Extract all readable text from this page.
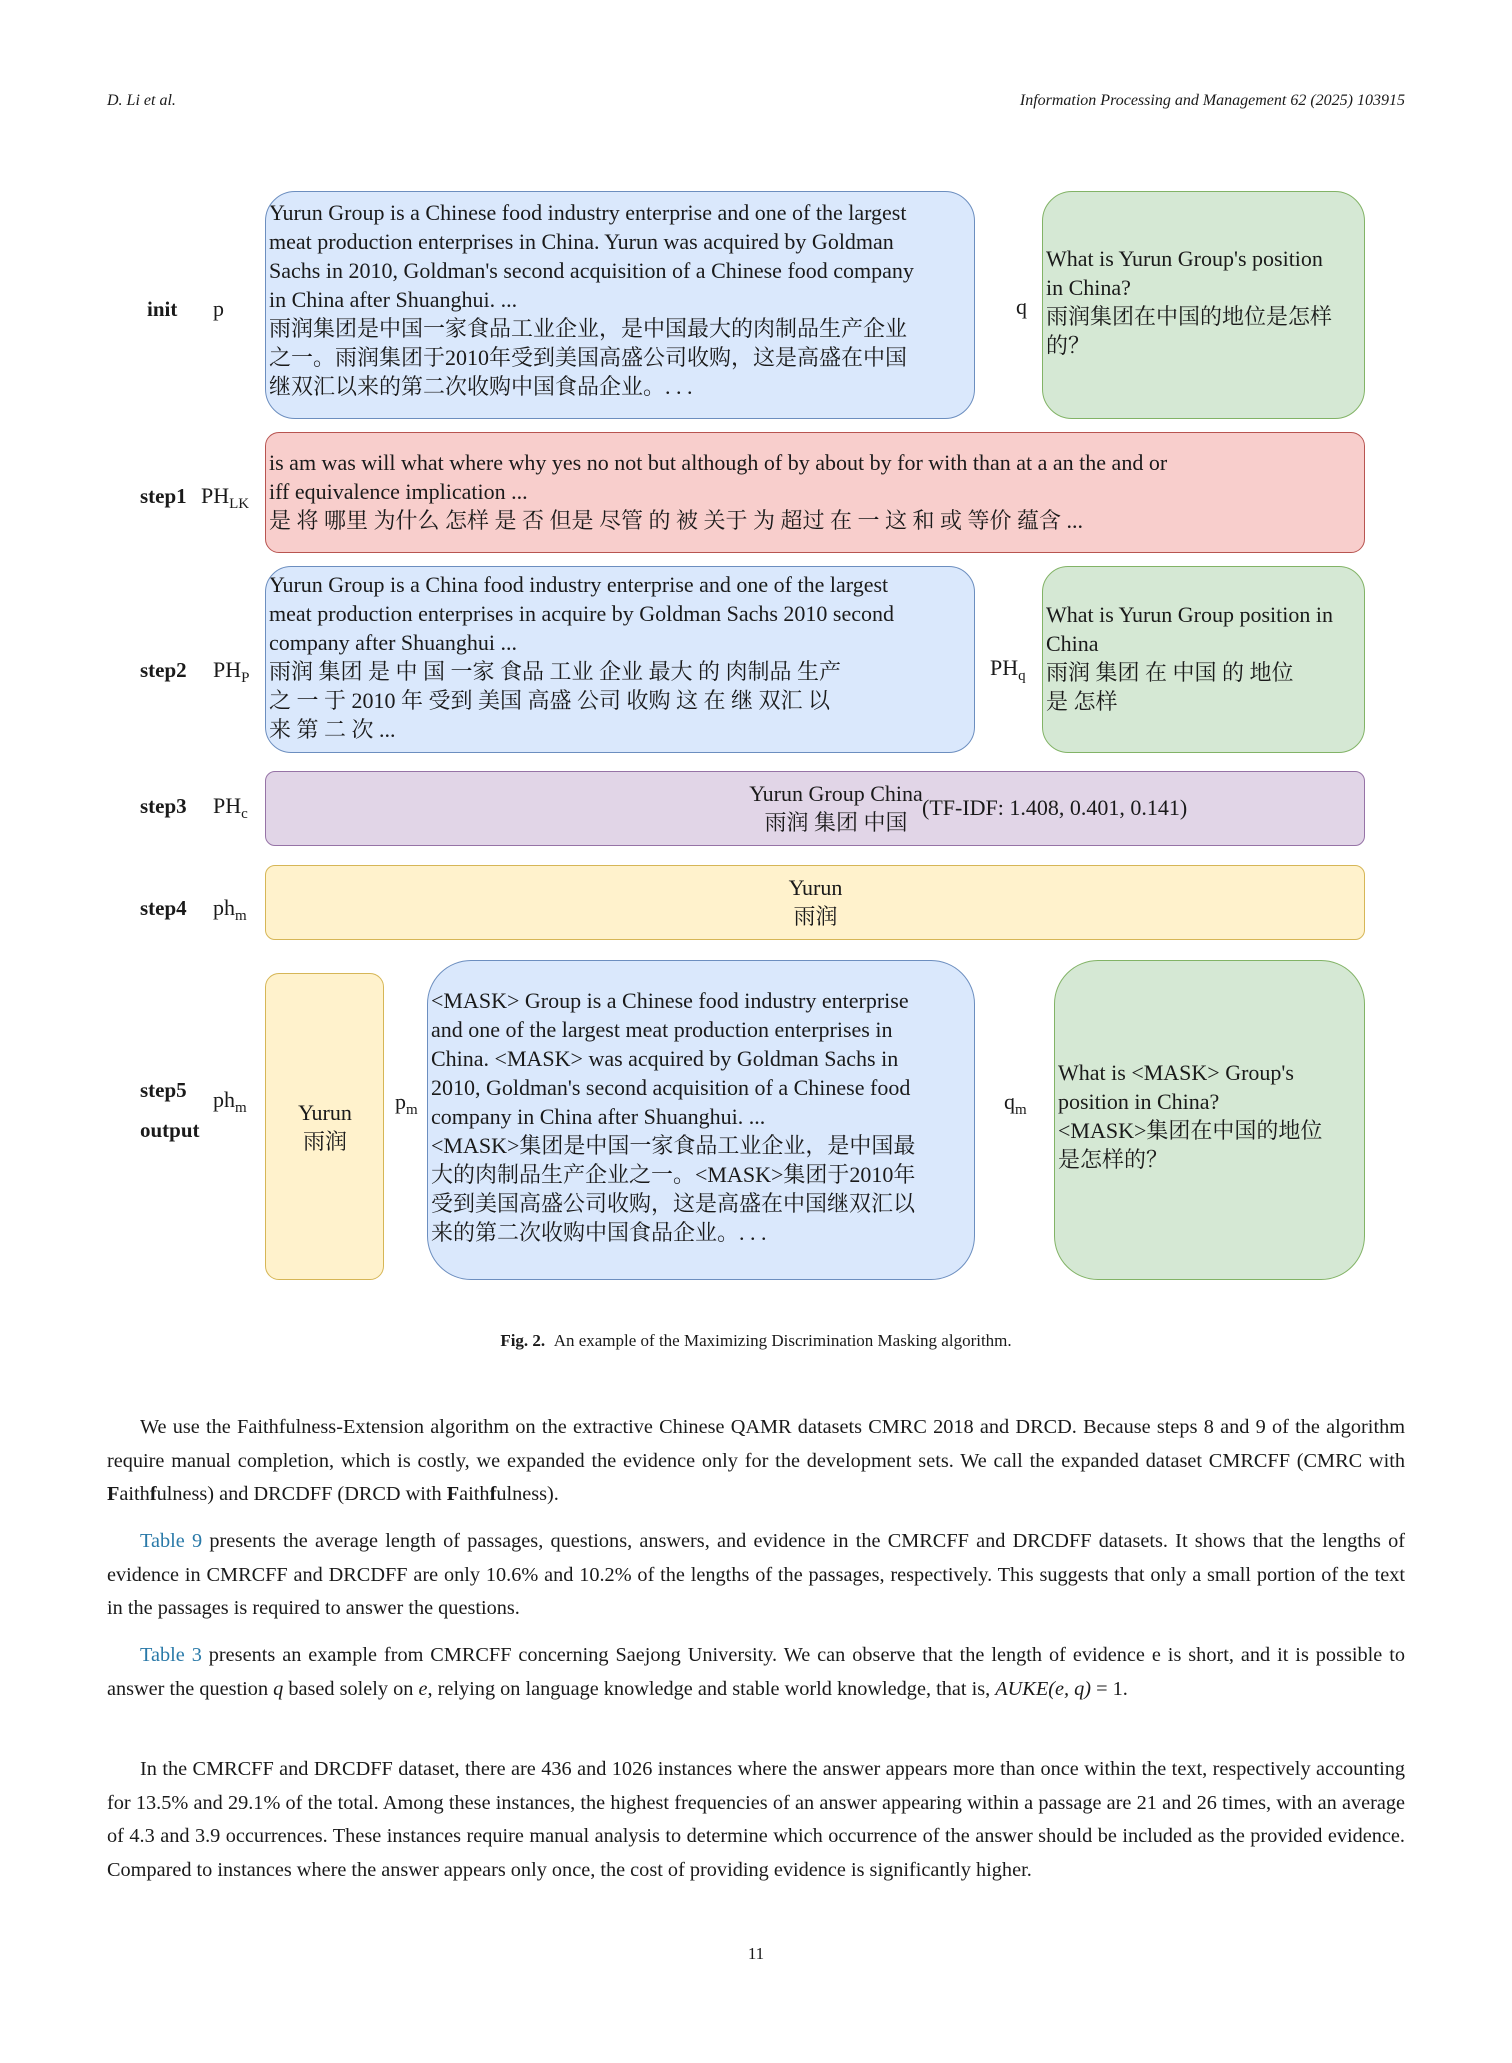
D. Li et al.	Information Processing and Management 62 (2025) 103915
init p
Yurun Group is a Chinese food industry enterprise and one of the largest
meat production enterprises in China. Yurun was acquired by Goldman
Sachs in 2010, Goldman's second acquisition of a Chinese food company
in China after Shuanghui. ...
雨润集团是中国一家食品工业企业，是中国最大的肉制品生产企业
之一。雨润集团于2010年受到美国高盛公司收购，这是高盛在中国
继双汇以来的第二次收购中国食品企业。. . .
q
What is Yurun Group's position
in China?
雨润集团在中国的地位是怎样
的？
step1 $PH_{LK}$
is am was will what where why yes no not but although of by about by for with than at a an the and or
iff equivalence implication ...
是 将 哪里 为什么 怎样 是 否 但是 尽管 的 被 关于 为 超过 在 一 这 和 或 等价 蕴含 ...
step2 $PH_P$
Yurun Group is a China food industry enterprise and one of the largest
meat production enterprises in acquire by Goldman Sachs 2010 second
company after Shuanghui ...
雨润 集团 是 中 国 一家 食品 工业 企业 最大 的 肉制品 生产
之 一 于 2010 年 受到 美国 高盛 公司 收购 这 在 继 双汇 以
来 第 二 次 ...
$PH_q$
What is Yurun Group position in
China
雨润 集团 在 中国 的 地位
是 怎样
step3 $PH_c$
Yurun Group China
雨润 集团 中国
(TF-IDF: 1.408, 0.401, 0.141)
step4 $ph_m$
Yurun
雨润
step5
output
$ph_m$	Yurun
雨润
$p_m$
<MASK> Group is a Chinese food industry enterprise
and one of the largest meat production enterprises in
China. <MASK> was acquired by Goldman Sachs in
2010, Goldman's second acquisition of a Chinese food
company in China after Shuanghui. ...
<MASK>集团是中国一家食品工业企业，是中国最
大的肉制品生产企业之一。<MASK>集团于2010年
受到美国高盛公司收购，这是高盛在中国继双汇以
来的第二次收购中国食品企业。. . .
$q_m$
What is <MASK> Group's
position in China?
<MASK>集团在中国的地位
是怎样的？
Fig. 2. An example of the Maximizing Discrimination Masking algorithm.
We use the Faithfulness-Extension algorithm on the extractive Chinese QAMR datasets CMRC 2018 and DRCD. Because steps 8 and 9 of the algorithm require manual completion, which is costly, we expanded the evidence only for the development sets. We call the expanded dataset CMRCFF (CMRC with Faithfulness) and DRCDFF (DRCD with Faithfulness).
Table 9 presents the average length of passages, questions, answers, and evidence in the CMRCFF and DRCDFF datasets. It shows that the lengths of evidence in CMRCFF and DRCDFF are only 10.6% and 10.2% of the lengths of the passages, respectively. This suggests that only a small portion of the text in the passages is required to answer the questions.
Table 3 presents an example from CMRCFF concerning Saejong University. We can observe that the length of evidence e is short, and it is possible to answer the question q based solely on e, relying on language knowledge and stable world knowledge, that is, AUKE(e, q) = 1.
In the CMRCFF and DRCDFF dataset, there are 436 and 1026 instances where the answer appears more than once within the text, respectively accounting for 13.5% and 29.1% of the total. Among these instances, the highest frequencies of an answer appearing within a passage are 21 and 26 times, with an average of 4.3 and 3.9 occurrences. These instances require manual analysis to determine which occurrence of the answer should be included as the provided evidence. Compared to instances where the answer appears only once, the cost of providing evidence is significantly higher.
11
